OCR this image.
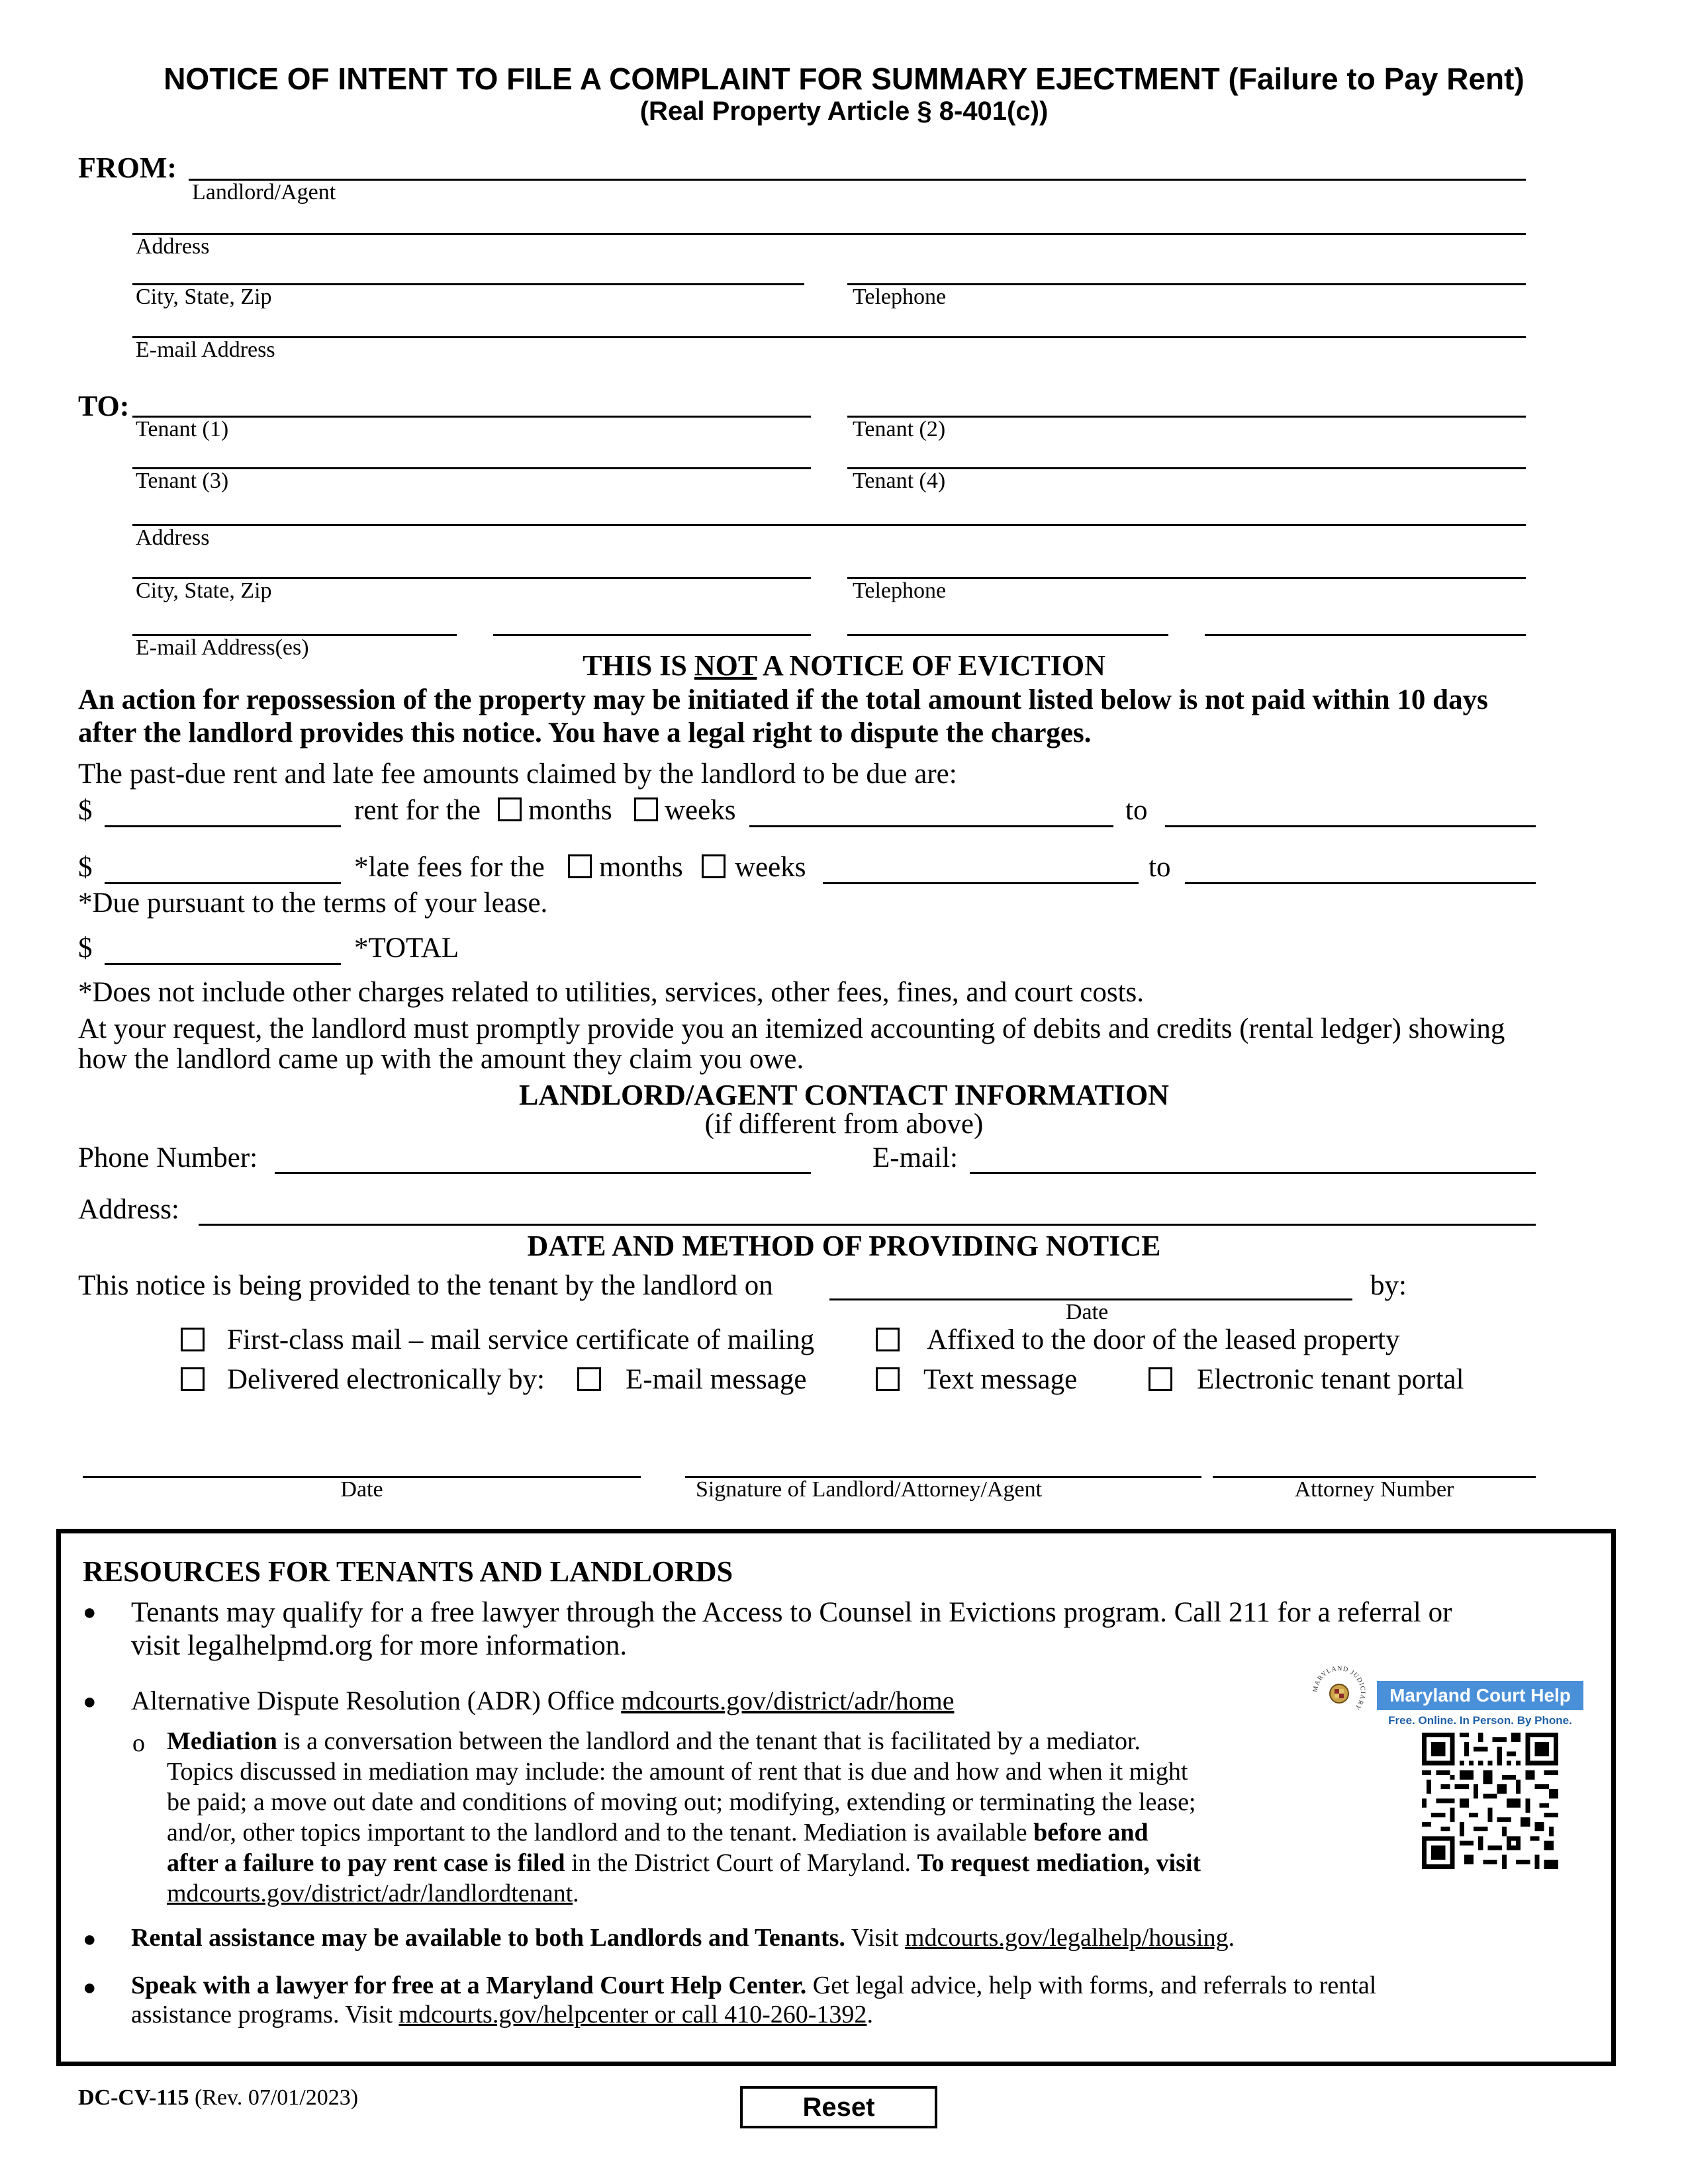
NOTICE OF INTENT TO FILE A COMPLAINT FOR SUMMARY EJECTMENT (Failure to Pay Rent)
(Real Property Article § 8-401(c))
FROM:
Landlord/Agent
Address
City, State, Zip	Telephone
E-mail Address
TO:
Tenant (1)	Tenant (2)
Tenant (3)	Tenant (4)
Address
City, State, Zip	Telephone
E-mail Address(es)
THIS IS NOT A NOTICE OF EVICTION
An action for repossession of the property may be initiated if the total amount listed below is not paid within 10 days
after the landlord provides this notice. You have a legal right to dispute the charges.
The past-due rent and late fee amounts claimed by the landlord to be due are:
$	rent for the months weeks	to
$	*late fees for the months weeks	to
*Due pursuant to the terms of your lease.
$	*TOTAL
*Does not include other charges related to utilities, services, other fees, fines, and court costs.
At your request, the landlord must promptly provide you an itemized accounting of debits and credits (rental ledger) showing
how the landlord came up with the amount they claim you owe.
LANDLORD/AGENT CONTACT INFORMATION
(if different from above)
Phone Number:	E-mail:
Address:
DATE AND METHOD OF PROVIDING NOTICE
This notice is being provided to the tenant by the landlord on	by:
Date
First-class mail – mail service certificate of mailing	Affixed to the door of the leased property
Delivered electronically by:	E-mail message	Text message	Electronic tenant portal
Date	Signature of Landlord/Attorney/Agent	Attorney Number
RESOURCES FOR TENANTS AND LANDLORDS
● Tenants may qualify for a free lawyer through the Access to Counsel in Evictions program. Call 211 for a referral or
visit legalhelpmd.org for more information.
● Alternative Dispute Resolution (ADR) Office mdcourts.gov/district/adr/home
o Mediation is a conversation between the landlord and the tenant that is facilitated by a mediator.
Topics discussed in mediation may include: the amount of rent that is due and how and when it might
be paid; a move out date and conditions of moving out; modifying, extending or terminating the lease;
and/or, other topics important to the landlord and to the tenant. Mediation is available before and
after a failure to pay rent case is filed in the District Court of Maryland. To request mediation, visit
mdcourts.gov/district/adr/landlordtenant.
● Rental assistance may be available to both Landlords and Tenants. Visit mdcourts.gov/legalhelp/housing.
● Speak with a lawyer for free at a Maryland Court Help Center. Get legal advice, help with forms, and referrals to rental
assistance programs. Visit mdcourts.gov/helpcenter or call 410-260-1392.
MARYLAND JUDICIARY
Maryland Court Help
Free. Online. In Person. By Phone.
DC-CV-115 (Rev. 07/01/2023)	Reset
